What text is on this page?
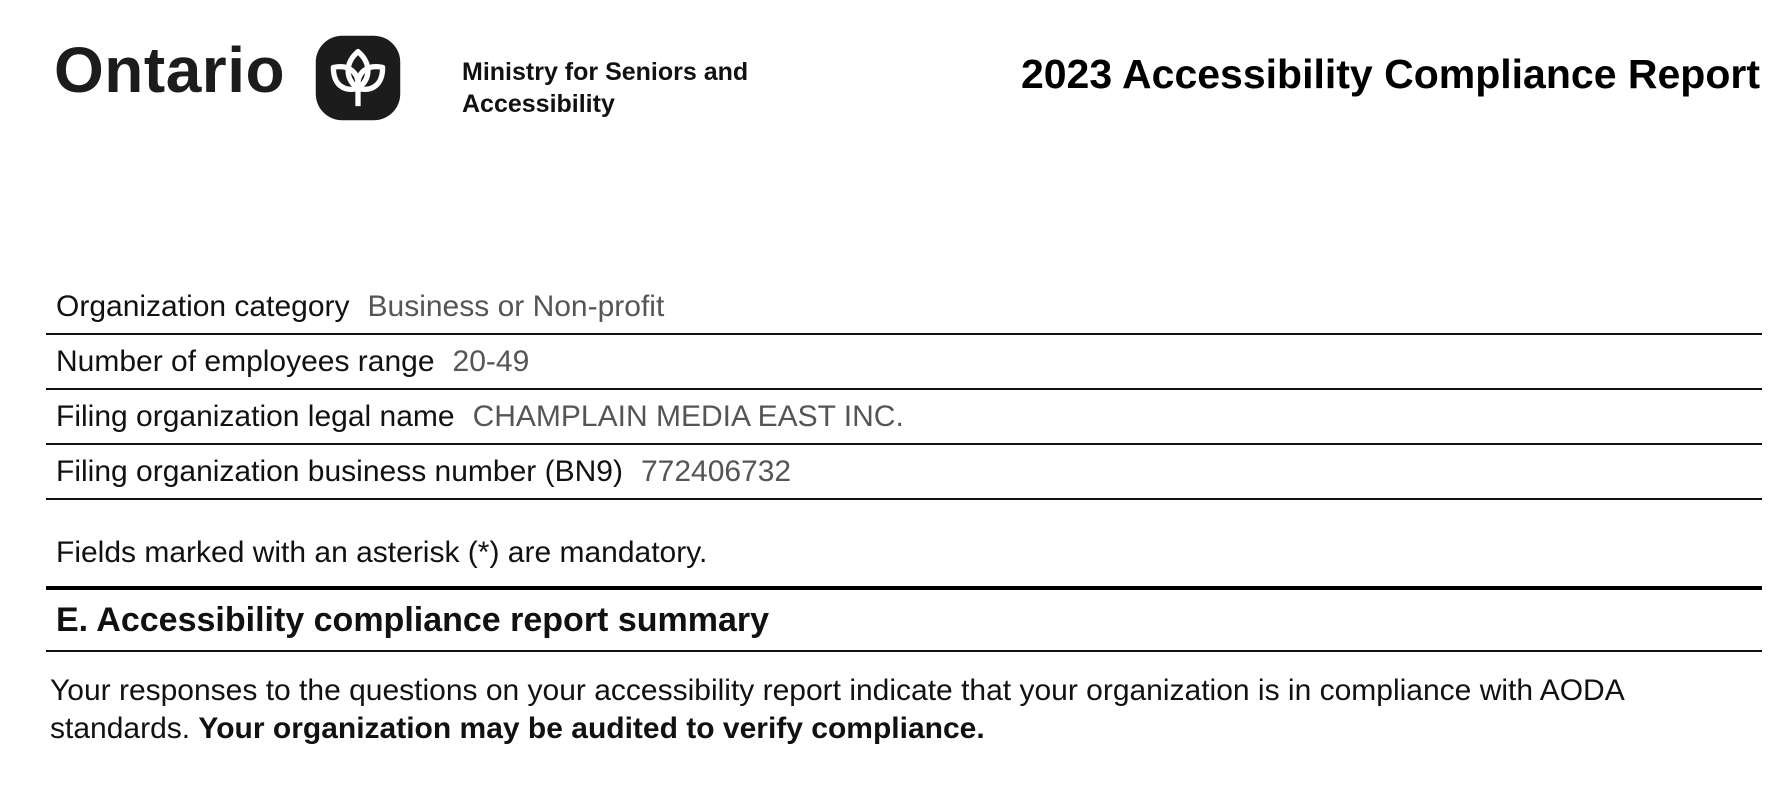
Ontario	Ministry for Seniors and
Accessibility
2023 Accessibility Compliance Report
Organization category Business or Non-profit
Number of employees range 20-49
Filing organization legal name CHAMPLAIN MEDIA EAST INC.
Filing organization business number (BN9) 772406732
Fields marked with an asterisk (*) are mandatory.
E. Accessibility compliance report summary
Your responses to the questions on your accessibility report indicate that your organization is in compliance with AODA standards. Your organization may be audited to verify compliance.
